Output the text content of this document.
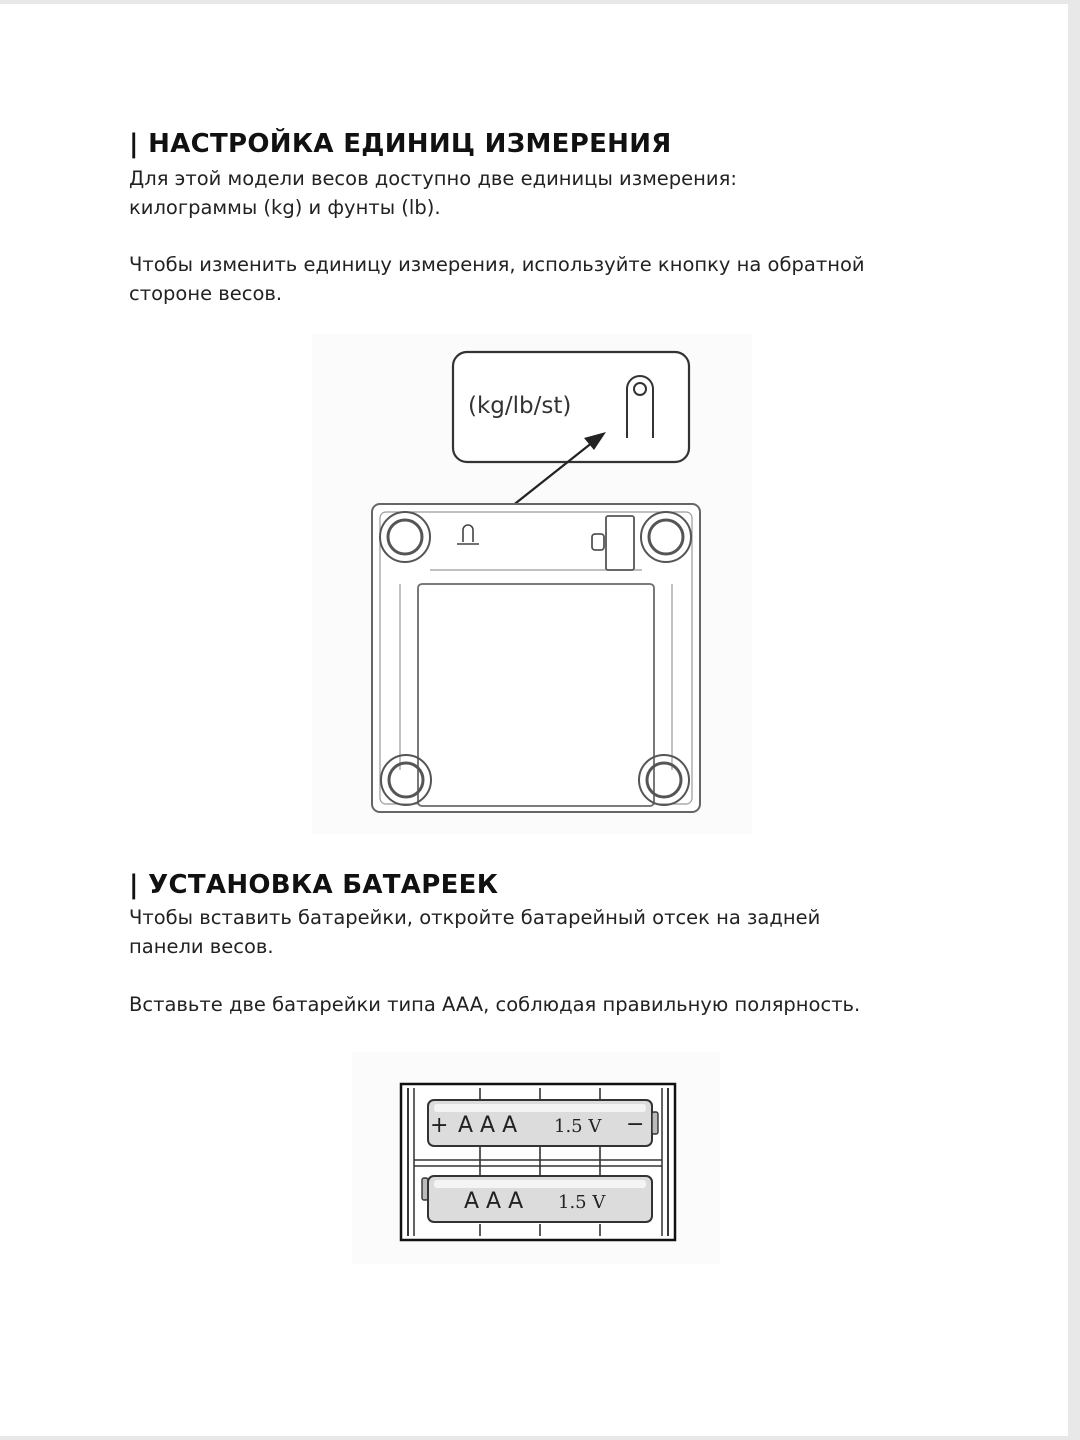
| НАСТРОЙКА ЕДИНИЦ ИЗМЕРЕНИЯ

Для этой модели весов доступно две единицы измерения:
килограммы (kg) и фунты (lb).

Чтобы изменить единицу измерения, используйте кнопку на обратной
стороне весов.

(kg/lb/st)
| УСТАНОВКА БАТАРЕЕК

Чтобы вставить батарейки, откройте батарейный отсек на задней
панели весов.

Вставьте две батарейки типа AAA, соблюдая правильную полярность.

+ A A A 1.5 V −
A A A 1.5 V
